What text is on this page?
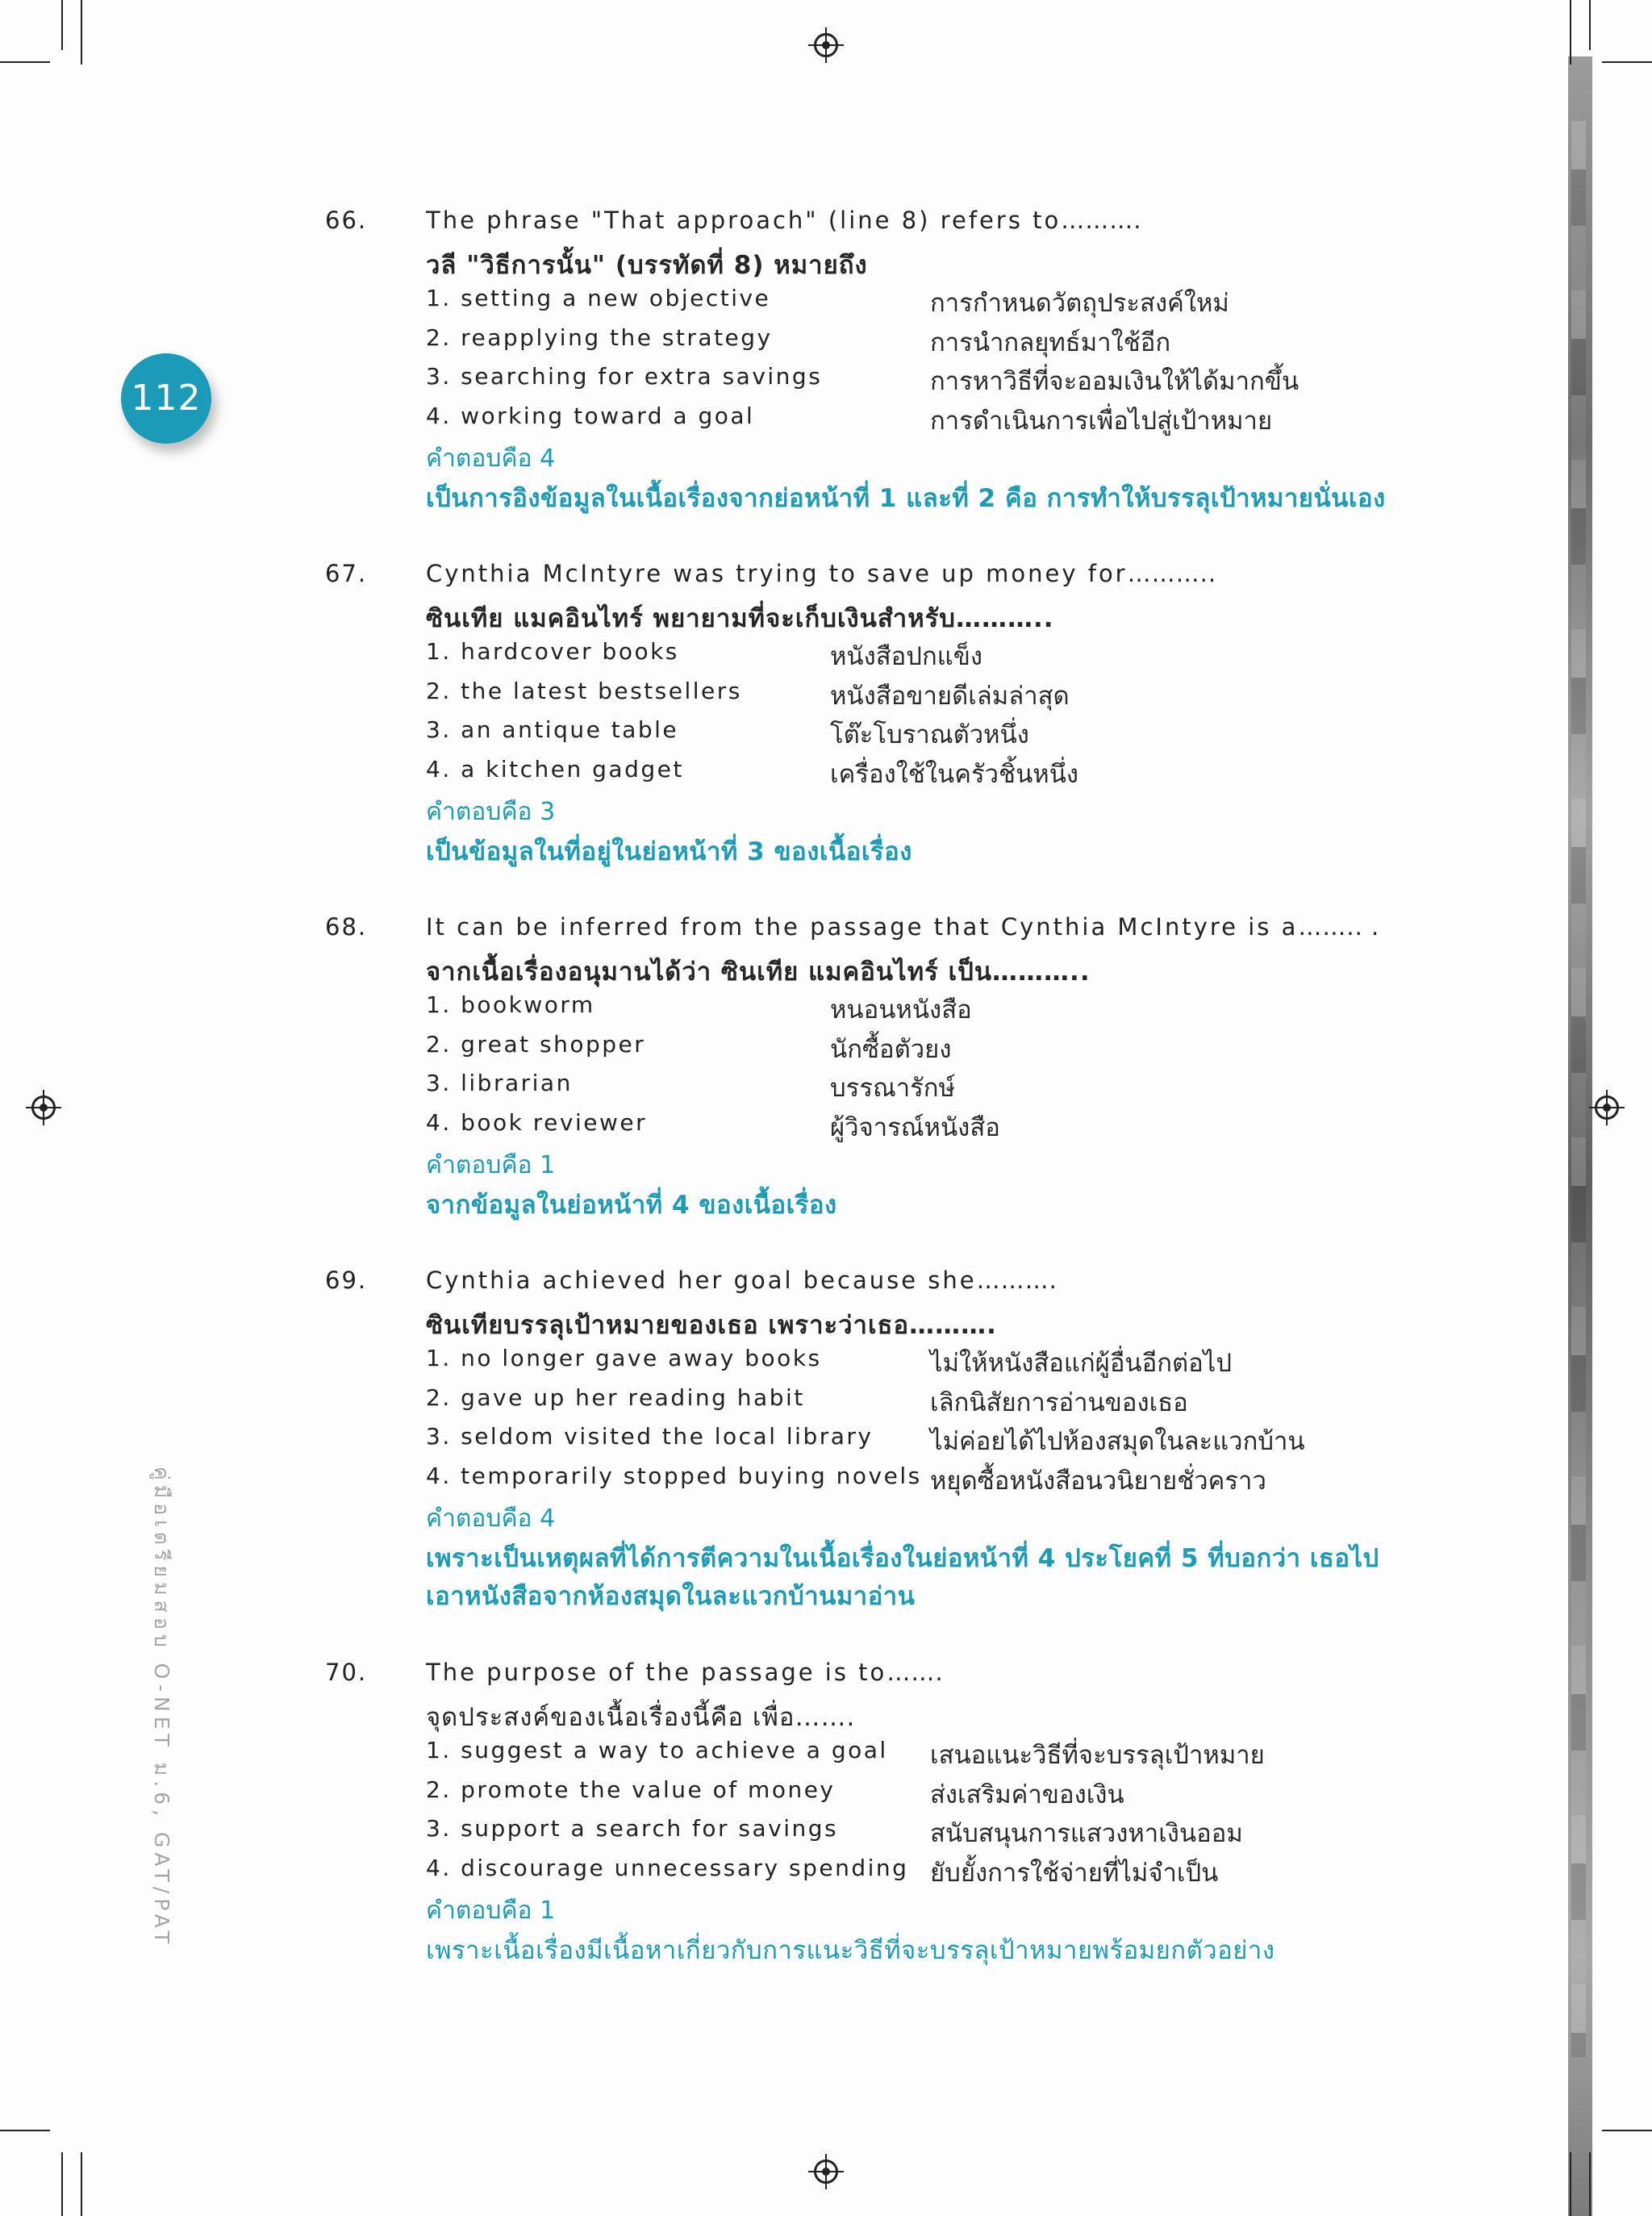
112
คู่มือเตรียมสอบ O-NET ม.6, GAT/PAT
66.	The phrase "That approach" (line 8) refers to……….
วลี "วิธีการนั้น" (บรรทัดที่ 8) หมายถึง
1. setting a new objective	การกำหนดวัตถุประสงค์ใหม่
2. reapplying the strategy	การนำกลยุทธ์มาใช้อีก
3. searching for extra savings	การหาวิธีที่จะออมเงินให้ได้มากขึ้น
4. working toward a goal	การดำเนินการเพื่อไปสู่เป้าหมาย
คำตอบคือ 4
เป็นการอิงข้อมูลในเนื้อเรื่องจากย่อหน้าที่ 1 และที่ 2 คือ การทำให้บรรลุเป้าหมายนั่นเอง
67.	Cynthia McIntyre was trying to save up money for………..
ซินเทีย แมคอินไทร์ พยายามที่จะเก็บเงินสำหรับ………..
1. hardcover books	หนังสือปกแข็ง
2. the latest bestsellers	หนังสือขายดีเล่มล่าสุด
3. an antique table	โต๊ะโบราณตัวหนึ่ง
4. a kitchen gadget	เครื่องใช้ในครัวชิ้นหนึ่ง
คำตอบคือ 3
เป็นข้อมูลในที่อยู่ในย่อหน้าที่ 3 ของเนื้อเรื่อง
68.	It can be inferred from the passage that Cynthia McIntyre is a…….. .
จากเนื้อเรื่องอนุมานได้ว่า ซินเทีย แมคอินไทร์ เป็น………..
1. bookworm	หนอนหนังสือ
2. great shopper	นักซื้อตัวยง
3. librarian	บรรณารักษ์
4. book reviewer	ผู้วิจารณ์หนังสือ
คำตอบคือ 1
จากข้อมูลในย่อหน้าที่ 4 ของเนื้อเรื่อง
69.	Cynthia achieved her goal because she……….
ซินเทียบรรลุเป้าหมายของเธอ เพราะว่าเธอ……….
1. no longer gave away books	ไม่ให้หนังสือแก่ผู้อื่นอีกต่อไป
2. gave up her reading habit	เลิกนิสัยการอ่านของเธอ
3. seldom visited the local library ไม่ค่อยได้ไปห้องสมุดในละแวกบ้าน
4. temporarily stopped buying novels หยุดซื้อหนังสือนวนิยายชั่วคราว
คำตอบคือ 4
เพราะเป็นเหตุผลที่ได้การตีความในเนื้อเรื่องในย่อหน้าที่ 4 ประโยคที่ 5 ที่บอกว่า เธอไป
เอาหนังสือจากห้องสมุดในละแวกบ้านมาอ่าน
70.	The purpose of the passage is to…….
จุดประสงค์ของเนื้อเรื่องนี้คือ เพื่อ…….
1. suggest a way to achieve a goal เสนอแนะวิธีที่จะบรรลุเป้าหมาย
2. promote the value of money	ส่งเสริมค่าของเงิน
3. support a search for savings	สนับสนุนการแสวงหาเงินออม
4. discourage unnecessary spending ยับยั้งการใช้จ่ายที่ไม่จำเป็น
คำตอบคือ 1
เพราะเนื้อเรื่องมีเนื้อหาเกี่ยวกับการแนะวิธีที่จะบรรลุเป้าหมายพร้อมยกตัวอย่าง
